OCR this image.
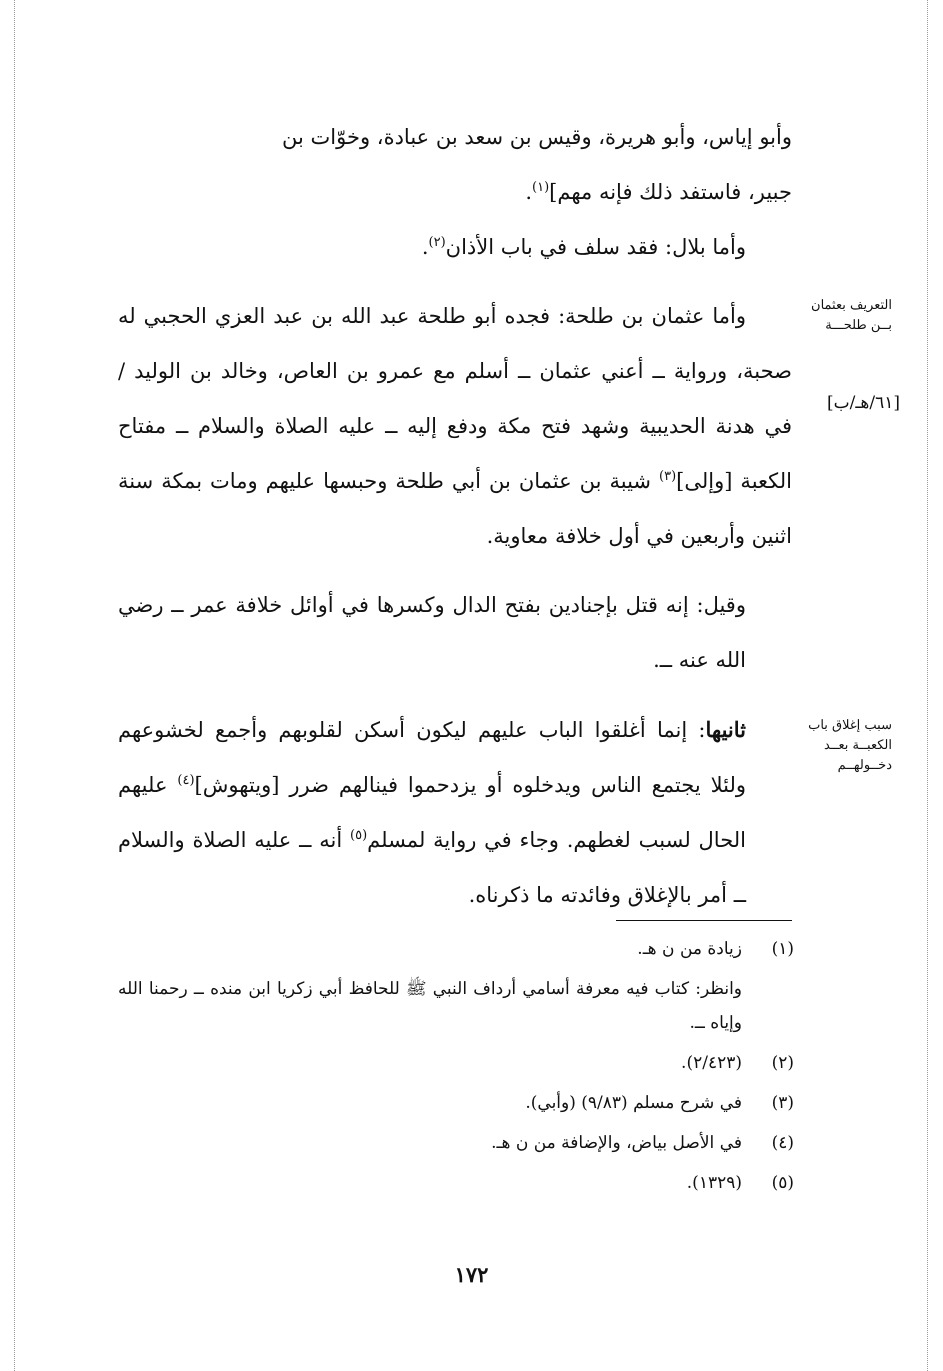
وأبو إياس، وأبو هريرة، وقيس بن سعد بن عبادة، وخوّات بن
جبير، فاستفد ذلك فإنه مهم]$^{(١)}$.

وأما بلال: فقد سلف في باب الأذان$^{(٢)}$.

وأما عثمان بن طلحة: فجده أبو طلحة عبد الله بن عبد العزي الحجبي له صحبة، ورواية ــ أعني عثمان ــ أسلم مع عمرو بن العاص، وخالد بن الوليد / في هدنة الحديبية وشهد فتح مكة ودفع إليه ــ عليه الصلاة والسلام ــ مفتاح الكعبة [وإلى]$^{(٣)}$ شيبة بن عثمان بن أبي طلحة وحبسها عليهم ومات بمكة سنة اثنين وأربعين في أول خلافة معاوية.

وقيل: إنه قتل بإجنادين بفتح الدال وكسرها في أوائل خلافة عمر ــ رضي الله عنه ــ.

ثانيها: إنما أغلقوا الباب عليهم ليكون أسكن لقلوبهم وأجمع لخشوعهم ولئلا يجتمع الناس ويدخلوه أو يزدحموا فينالهم ضرر [ويتهوش]$^{(٤)}$ عليهم الحال لسبب لغطهم. وجاء في رواية لمسلم$^{(٥)}$ أنه ــ عليه الصلاة والسلام ــ أمر بالإغلاق وفائدته ما ذكرناه.

التعريف بعثمان بــن طلحـــة
[٦١/هـ/ب]
سبب إغلاق باب الكعبــة بعــد دخــولهــم
(١)
زيادة من ن هـ.
وانظر: كتاب فيه معرفة أسامي أرداف النبي ﷺ للحافظ أبي زكريا ابن منده ــ رحمنا الله وإياه ــ.
(٢)
(٢/٤٢٣).
(٣)
في شرح مسلم (٩/٨٣) (وأبي).
(٤)
في الأصل بياض، والإضافة من ن هـ.
(٥)
(١٣٢٩).
١٧٢
